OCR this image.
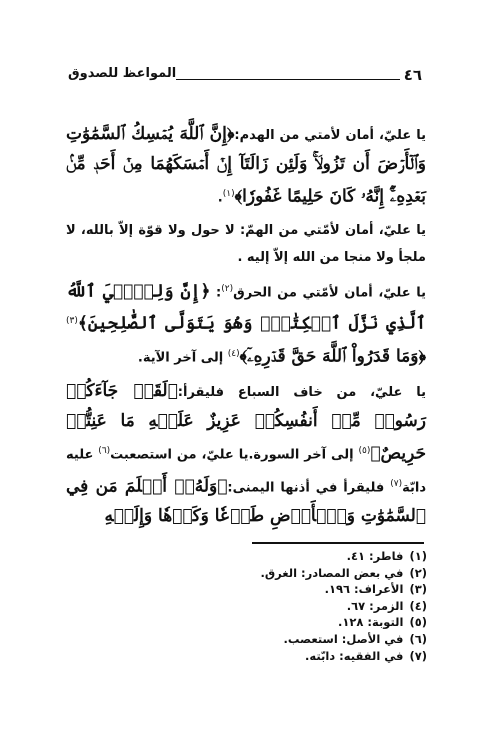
٤٦
المواعظ للصدوق

يا عليّ، أمان لأمتي من الهدم:﴿إِنَّ ٱللَّهَ يُمۡسِكُ ٱلسَّمَٰوَٰتِ وَٱلۡأَرۡضَ أَن تَزُولَاۚ وَلَئِن زَالَتَآ إِنۡ أَمۡسَكَهُمَا مِنۡ أَحَدٖ مِّنۢ بَعۡدِهِۦٓۚ إِنَّهُۥ كَانَ حَلِيمًا غَفُورٗا﴾$^{(١)}$.

يا عليّ، أمان لأمّتي من الهمّ: لا حول ولا قوّة إلاّ بالله، لا ملجأ ولا منجا من الله إلاّ إليه .

يا عليّ، أمان لأمّتي من الحرق$^{(٢)}$: ﴿إِنَّ وَلِـِّۧيَ ٱللَّهُ ٱلَّذِي نَزَّلَ ٱلۡكِتَٰبَۖ وَهُوَ يَتَوَلَّى ٱلصَّٰلِحِينَ﴾$^{(٣)}$ ﴿وَمَا قَدَرُواْ ٱللَّهَ حَقَّ قَدۡرِهِۦٓ﴾$^{(٤)}$ إلى آخر الآية.

يا عليّ، من خاف السباع فليقرأ:﴿لَقَدۡ جَآءَكُمۡ رَسُولٞ مِّنۡ أَنفُسِكُمۡ عَزِيزٌ عَلَيۡهِ مَا عَنِتُّمۡ حَرِيصٌ﴾$^{(٥)}$ إلى آخر السورة.يا عليّ، من استصعبت$^{(٦)}$ عليه دابّة$^{(٧)}$ فليقرأ في أذنها اليمنى:﴿وَلَهُۥٓ أَسۡلَمَ مَن فِي ٱلسَّمَٰوَٰتِ وَٱلۡأَرۡضِ طَوۡعٗا وَكَرۡهٗا وَإِلَيۡهِ

(١)
فاطر: ٤١.
(٢)
في بعض المصادر: الغرق.
(٣)
الأعراف: ١٩٦.
(٤)
الزمر: ٦٧.
(٥)
التوبة: ١٢٨.
(٦)
في الأصل: استعصب.
(٧)
في الفقيه: دابّته.
